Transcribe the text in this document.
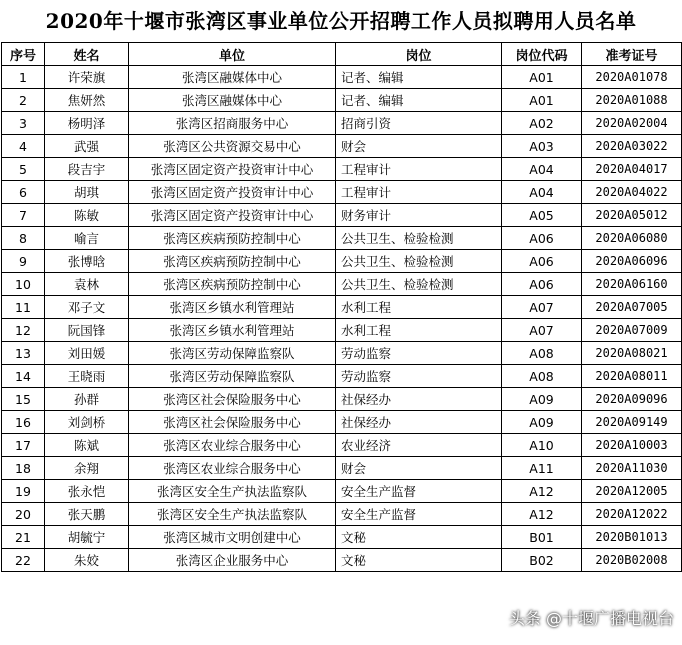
2020年十堰市张湾区事业单位公开招聘工作人员拟聘用人员名单
序号	姓名	单位	岗位	岗位代码	准考证号
1	许荣旗	张湾区融媒体中心	记者、编辑	A01	2020A01078
2	焦妍然	张湾区融媒体中心	记者、编辑	A01	2020A01088
3	杨明泽	张湾区招商服务中心	招商引资	A02	2020A02004
4	武强	张湾区公共资源交易中心	财会	A03	2020A03022
5	段吉宇	张湾区固定资产投资审计中心	工程审计	A04	2020A04017
6	胡琪	张湾区固定资产投资审计中心	工程审计	A04	2020A04022
7	陈敏	张湾区固定资产投资审计中心	财务审计	A05	2020A05012
8	喻言	张湾区疾病预防控制中心	公共卫生、检验检测	A06	2020A06080
9	张博晗	张湾区疾病预防控制中心	公共卫生、检验检测	A06	2020A06096
10	袁林	张湾区疾病预防控制中心	公共卫生、检验检测	A06	2020A06160
11	邓子文	张湾区乡镇水利管理站	水利工程	A07	2020A07005
12	阮国锋	张湾区乡镇水利管理站	水利工程	A07	2020A07009
13	刘田媛	张湾区劳动保障监察队	劳动监察	A08	2020A08021
14	王晓雨	张湾区劳动保障监察队	劳动监察	A08	2020A08011
15	孙群	张湾区社会保险服务中心	社保经办	A09	2020A09096
16	刘剑桥	张湾区社会保险服务中心	社保经办	A09	2020A09149
17	陈斌	张湾区农业综合服务中心	农业经济	A10	2020A10003
18	余翔	张湾区农业综合服务中心	财会	A11	2020A11030
19	张永恺	张湾区安全生产执法监察队	安全生产监督	A12	2020A12005
20	张天鹏	张湾区安全生产执法监察队	安全生产监督	A12	2020A12022
21	胡毓宁	张湾区城市文明创建中心	文秘	B01	2020B01013
22	朱姣	张湾区企业服务中心	文秘	B02	2020B02008
头条 @十堰广播电视台
